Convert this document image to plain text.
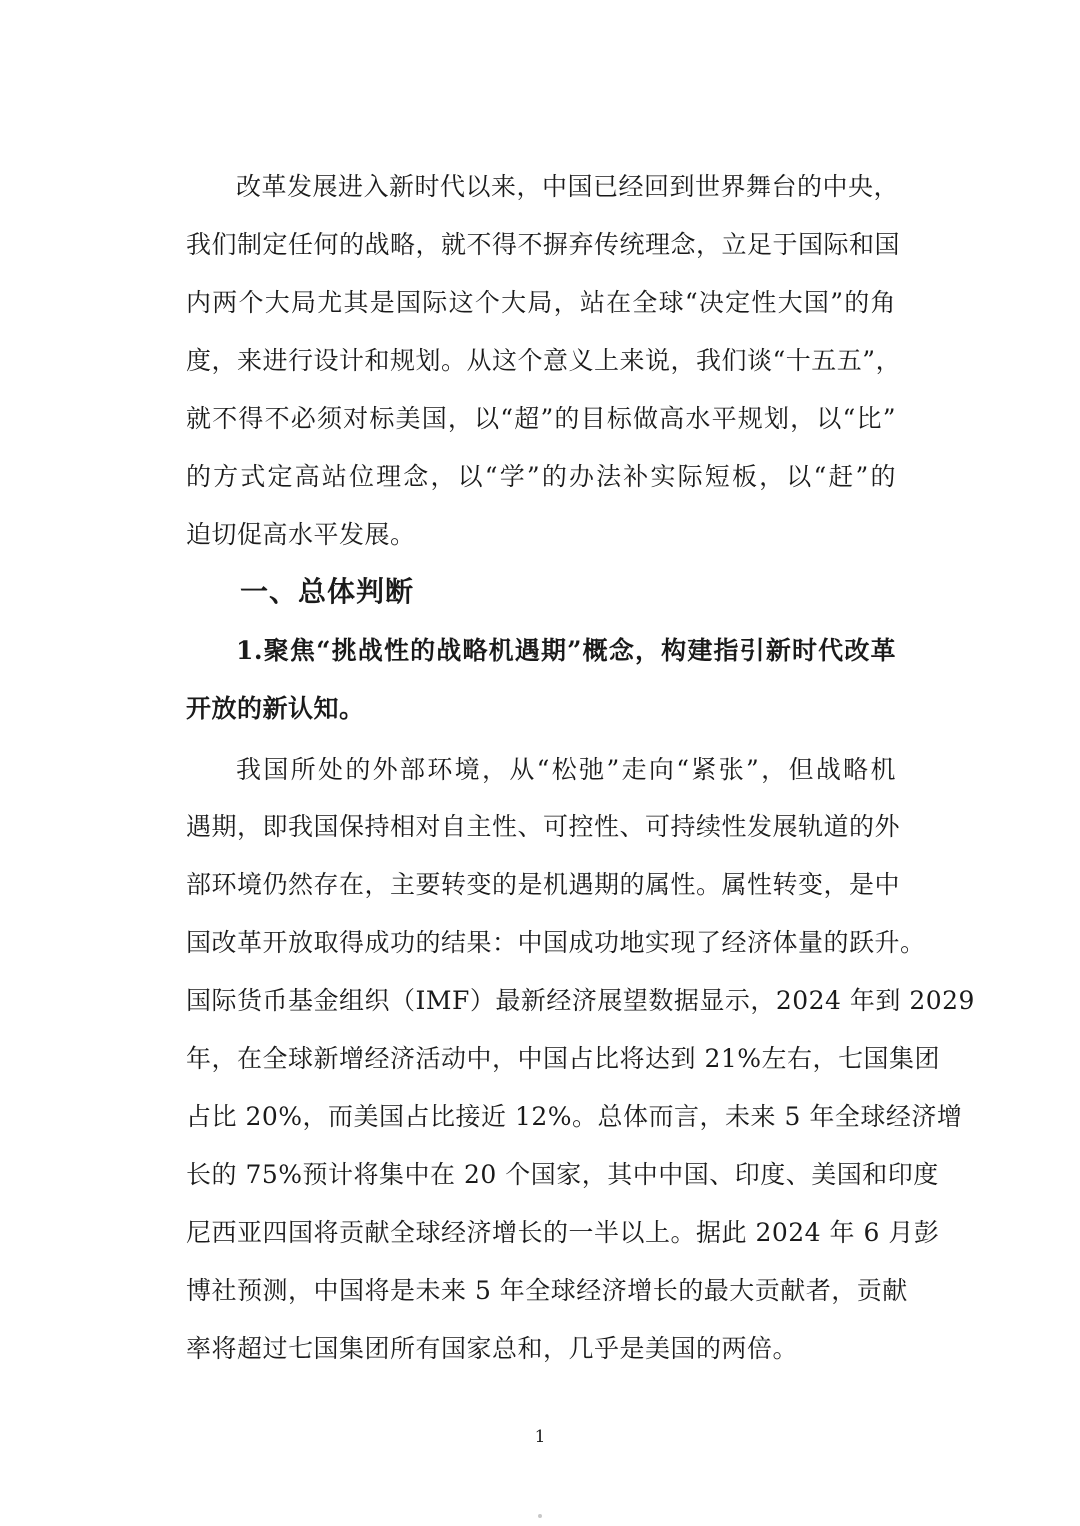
改革发展进入新时代以来，中国已经回到世界舞台的中央，
我们制定任何的战略，就不得不摒弃传统理念，立足于国际和国
内两个大局尤其是国际这个大局，站在全球“决定性大国”的角
度，来进行设计和规划。从这个意义上来说，我们谈“十五五”，
就不得不必须对标美国，以“超”的目标做高水平规划，以“比”
的方式定高站位理念，以“学”的办法补实际短板，以“赶”的
迫切促高水平发展。
一、总体判断
1.聚焦“挑战性的战略机遇期”概念，构建指引新时代改革
开放的新认知。
我国所处的外部环境，从“松弛”走向“紧张”，但战略机
遇期，即我国保持相对自主性、可控性、可持续性发展轨道的外
部环境仍然存在，主要转变的是机遇期的属性。属性转变，是中
国改革开放取得成功的结果：中国成功地实现了经济体量的跃升。
国际货币基金组织（IMF）最新经济展望数据显示，2024 年到 2029
年，在全球新增经济活动中，中国占比将达到 21%左右，七国集团
占比 20%，而美国占比接近 12%。总体而言，未来 5 年全球经济增
长的 75%预计将集中在 20 个国家，其中中国、印度、美国和印度
尼西亚四国将贡献全球经济增长的一半以上。据此 2024 年 6 月彭
博社预测，中国将是未来 5 年全球经济增长的最大贡献者，贡献
率将超过七国集团所有国家总和，几乎是美国的两倍。
1
